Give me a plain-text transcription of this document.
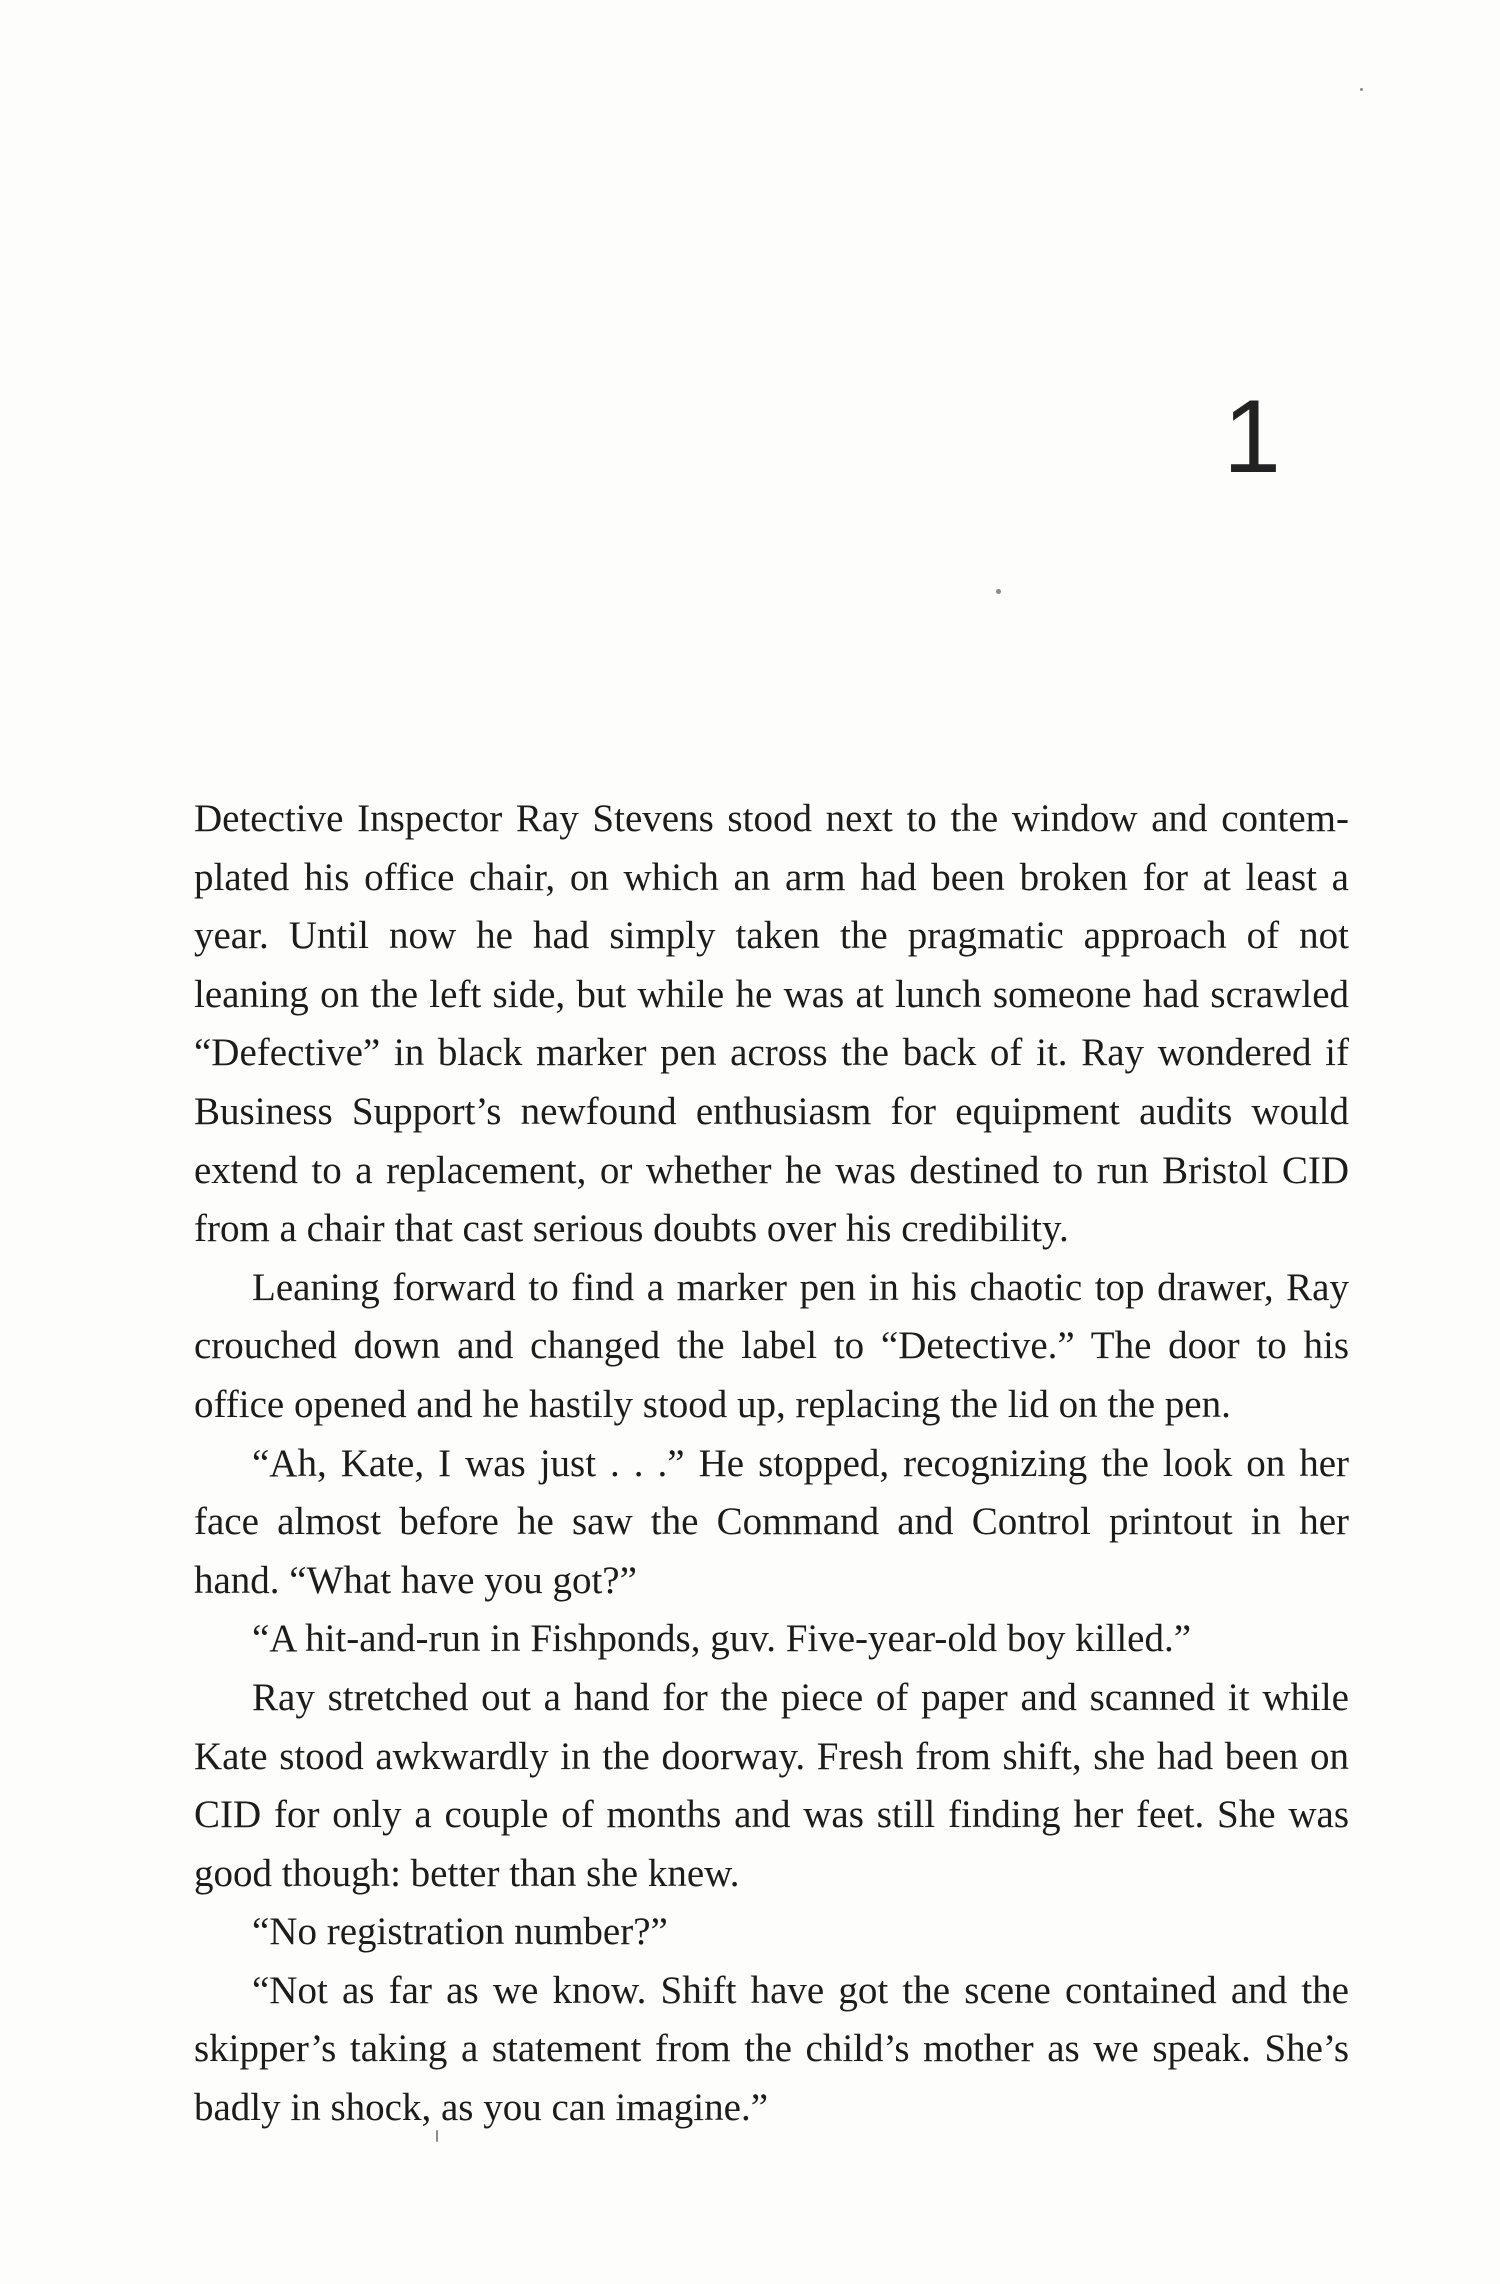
1

Detective Inspector Ray Stevens stood next to the window and contemplated his office chair, on which an arm had been broken for at least a year. Until now he had simply taken the pragmatic approach of not leaning on the left side, but while he was at lunch someone had scrawled “Defective” in black marker pen across the back of it. Ray wondered if Business Support’s newfound enthusiasm for equipment audits would extend to a replacement, or whether he was destined to run Bristol CID from a chair that cast serious doubts over his credibility.

Leaning forward to find a marker pen in his chaotic top drawer, Ray crouched down and changed the label to “Detective.” The door to his office opened and he hastily stood up, replacing the lid on the pen.

“Ah, Kate, I was just . . .” He stopped, recognizing the look on her face almost before he saw the Command and Control printout in her hand. “What have you got?”

“A hit-and-run in Fishponds, guv. Five-year-old boy killed.”

Ray stretched out a hand for the piece of paper and scanned it while Kate stood awkwardly in the doorway. Fresh from shift, she had been on CID for only a couple of months and was still finding her feet. She was good though: better than she knew.

“No registration number?”

“Not as far as we know. Shift have got the scene contained and the skipper’s taking a statement from the child’s mother as we speak. She’s badly in shock, as you can imagine.”
